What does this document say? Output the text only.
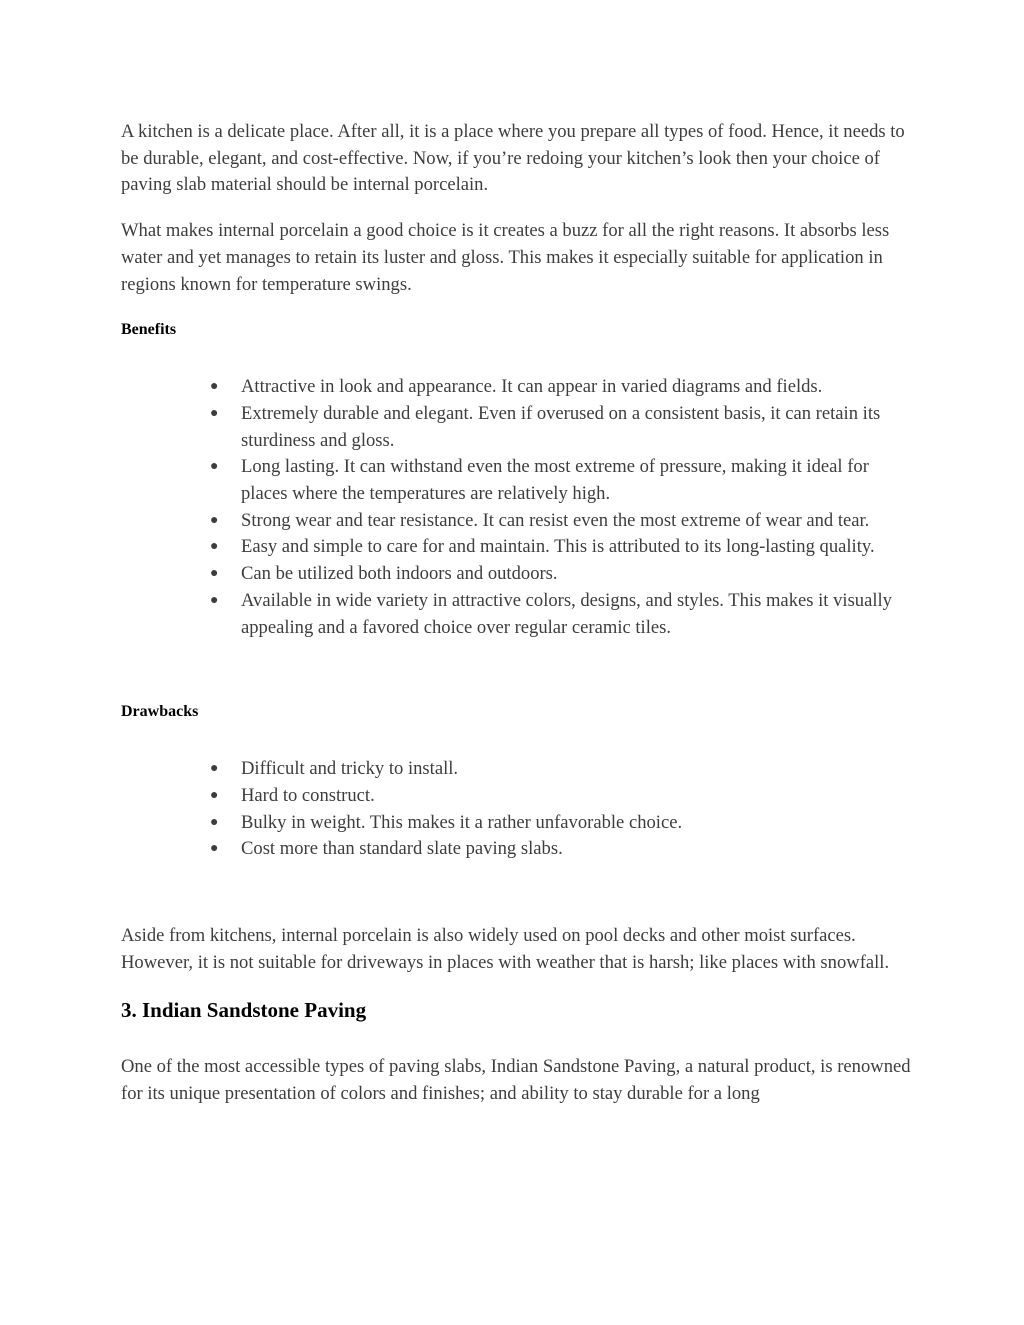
A kitchen is a delicate place. After all, it is a place where you prepare all types of food. Hence, it needs to be durable, elegant, and cost-effective. Now, if you’re redoing your kitchen’s look then your choice of paving slab material should be internal porcelain.

What makes internal porcelain a good choice is it creates a buzz for all the right reasons. It absorbs less water and yet manages to retain its luster and gloss. This makes it especially suitable for application in regions known for temperature swings.

Benefits
● Attractive in look and appearance. It can appear in varied diagrams and fields.
● Extremely durable and elegant. Even if overused on a consistent basis, it can retain its sturdiness and gloss.
● Long lasting. It can withstand even the most extreme of pressure, making it ideal for places where the temperatures are relatively high.
● Strong wear and tear resistance. It can resist even the most extreme of wear and tear.
● Easy and simple to care for and maintain. This is attributed to its long-lasting quality.
● Can be utilized both indoors and outdoors.
● Available in wide variety in attractive colors, designs, and styles. This makes it visually appealing and a favored choice over regular ceramic tiles.
Drawbacks
● Difficult and tricky to install.
● Hard to construct.
● Bulky in weight. This makes it a rather unfavorable choice.
● Cost more than standard slate paving slabs.

Aside from kitchens, internal porcelain is also widely used on pool decks and other moist surfaces. However, it is not suitable for driveways in places with weather that is harsh; like places with snowfall.

3. Indian Sandstone Paving

One of the most accessible types of paving slabs, Indian Sandstone Paving, a natural product, is renowned for its unique presentation of colors and finishes; and ability to stay durable for a long
